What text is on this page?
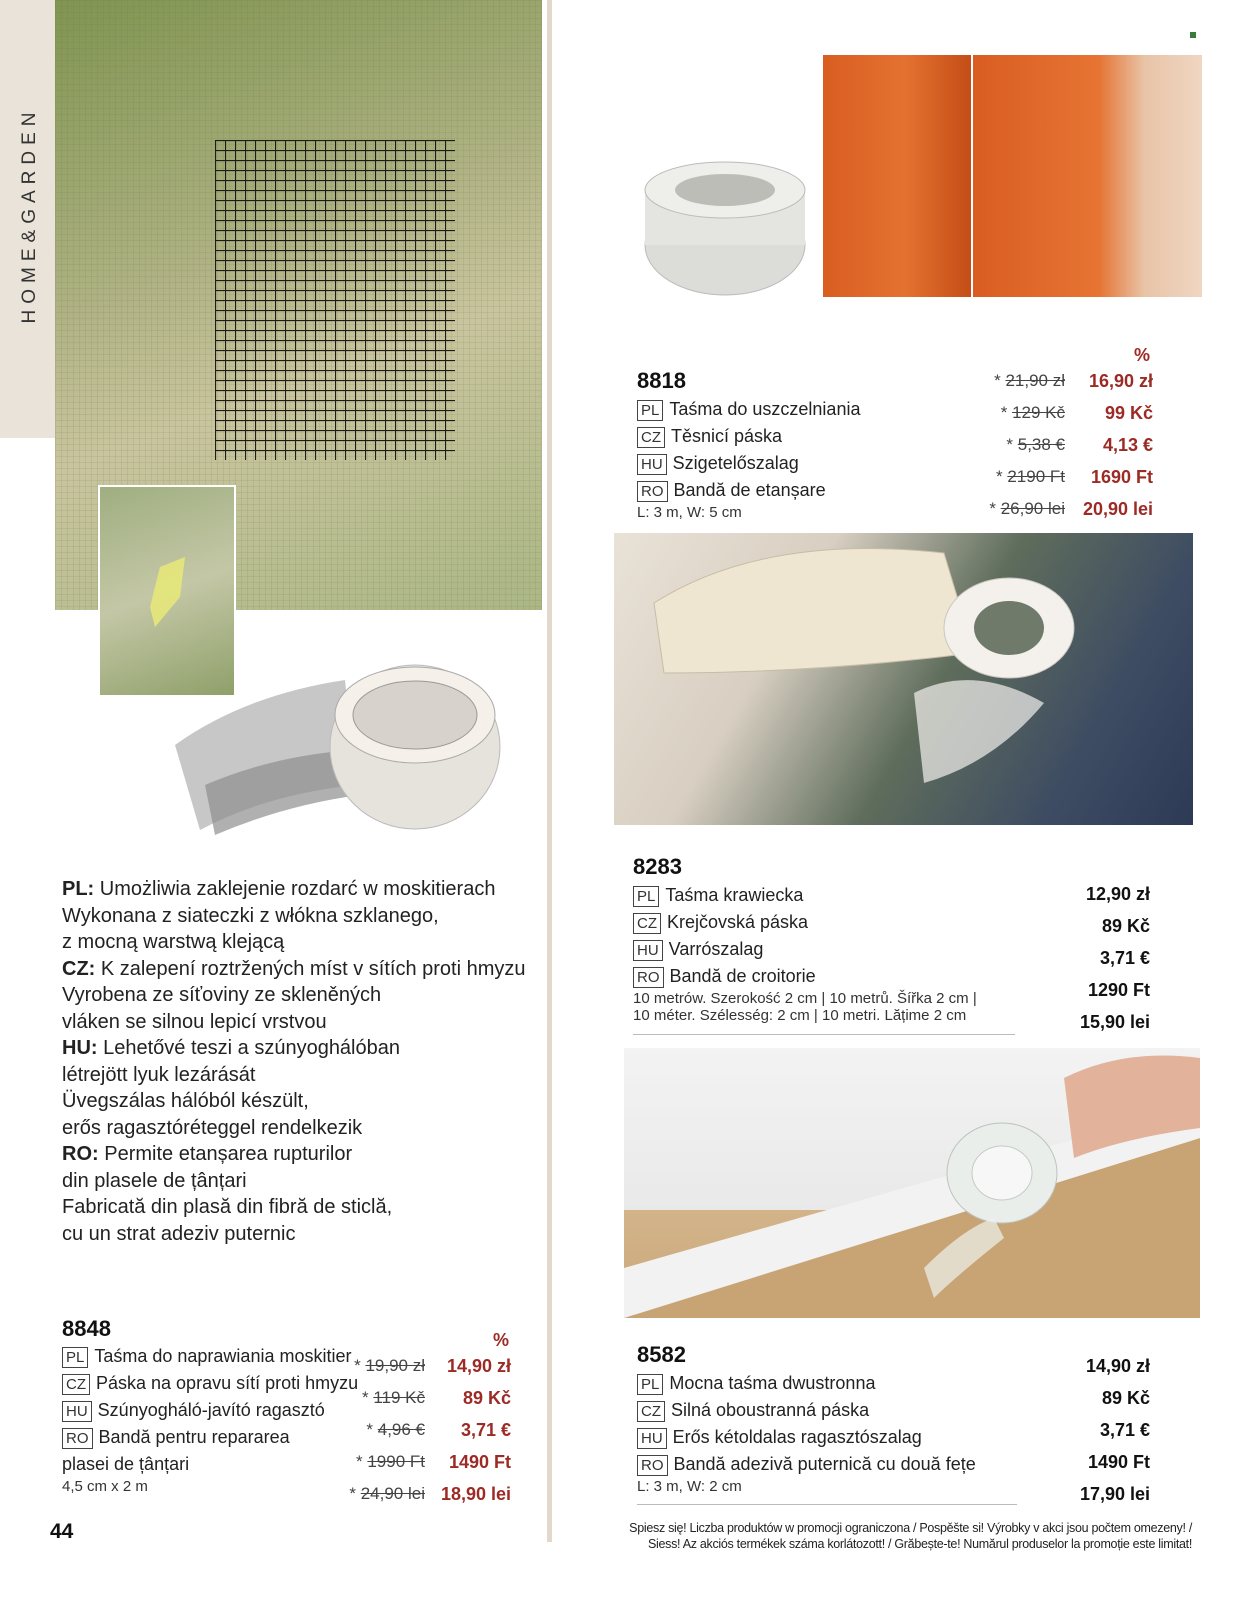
HOME&GARDEN
8818
%
PL Taśma do uszczelniania
CZ Těsnicí páska
HU Szigetelőszalag
RO Bandă de etanșare
L: 3 m, W: 5 cm
* 21,90 zł
* 129 Kč
* 5,38 €
* 2190 Ft
* 26,90 lei
16,90 zł
99 Kč
4,13 €
1690 Ft
20,90 lei
8283
PL Taśma krawiecka
CZ Krejčovská páska
HU Varrószalag
RO Bandă de croitorie
10 metrów. Szerokość 2 cm | 10 metrů. Šířka 2 cm |
10 méter. Szélesség: 2 cm | 10 metri. Lățime 2 cm
12,90 zł
89 Kč
3,71 €
1290 Ft
15,90 lei
8582
PL Mocna taśma dwustronna
CZ Silná oboustranná páska
HU Erős kétoldalas ragasztószalag
RO Bandă adezivă puternică cu două fețe
L: 3 m, W: 2 cm
14,90 zł
89 Kč
3,71 €
1490 Ft
17,90 lei
PL: Umożliwia zaklejenie rozdarć w moskitierach
Wykonana z siateczki z włókna szklanego,
z mocną warstwą klejącą
CZ: K zalepení roztržených míst v sítích proti hmyzu
Vyrobena ze síťoviny ze skleněných
vláken se silnou lepicí vrstvou
HU: Lehetővé teszi a szúnyoghálóban
létrejött lyuk lezárását
Üvegszálas hálóból készült,
erős ragasztóréteggel rendelkezik
RO: Permite etanșarea rupturilor
din plasele de țânțari
Fabricată din plasă din fibră de sticlă,
cu un strat adeziv puternic
8848	%
PL Taśma do naprawiania moskitier
CZ Páska na opravu sítí proti hmyzu
HU Szúnyogháló-javító ragasztó
RO Bandă pentru repararea
plasei de țânțari
4,5 cm x 2 m
* 19,90 zł
* 119 Kč
* 4,96 €
* 1990 Ft
* 24,90 lei
14,90 zł
89 Kč
3,71 €
1490 Ft
18,90 lei
44	Spiesz się! Liczba produktów w promocji ograniczona / Pospěšte si! Výrobky v akci jsou počtem omezeny! /
Siess! Az akciós termékek száma korlátozott! / Grăbește-te! Numărul produselor la promoție este limitat!
